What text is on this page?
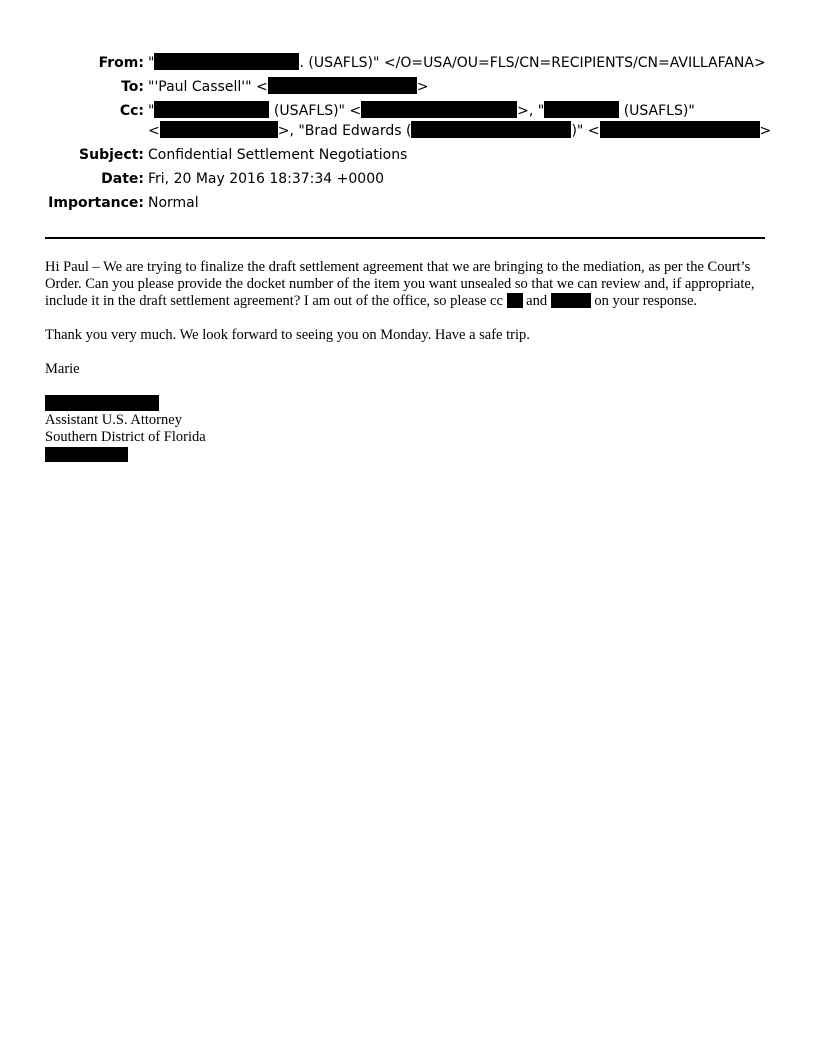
From: "	. (USAFLS)" </O=USA/OU=FLS/CN=RECIPIENTS/CN=AVILLAFANA>
To: "'Paul Cassell'" <	>
Cc: "	(USAFLS)" <	>, "	(USAFLS)"
<	>, "Brad Edwards (	)" <	>
Subject: Confidential Settlement Negotiations
Date: Fri, 20 May 2016 18:37:34 +0000
Importance: Normal
Hi Paul – We are trying to finalize the draft settlement agreement that we are bringing to the mediation, as per the Court’s
Order. Can you please provide the docket number of the item you want unsealed so that we can review and, if appropriate,
include it in the draft settlement agreement? I am out of the office, so please cc  and	on your response.
Thank you very much. We look forward to seeing you on Monday. Have a safe trip.
Marie
Assistant U.S. Attorney
Southern District of Florida
